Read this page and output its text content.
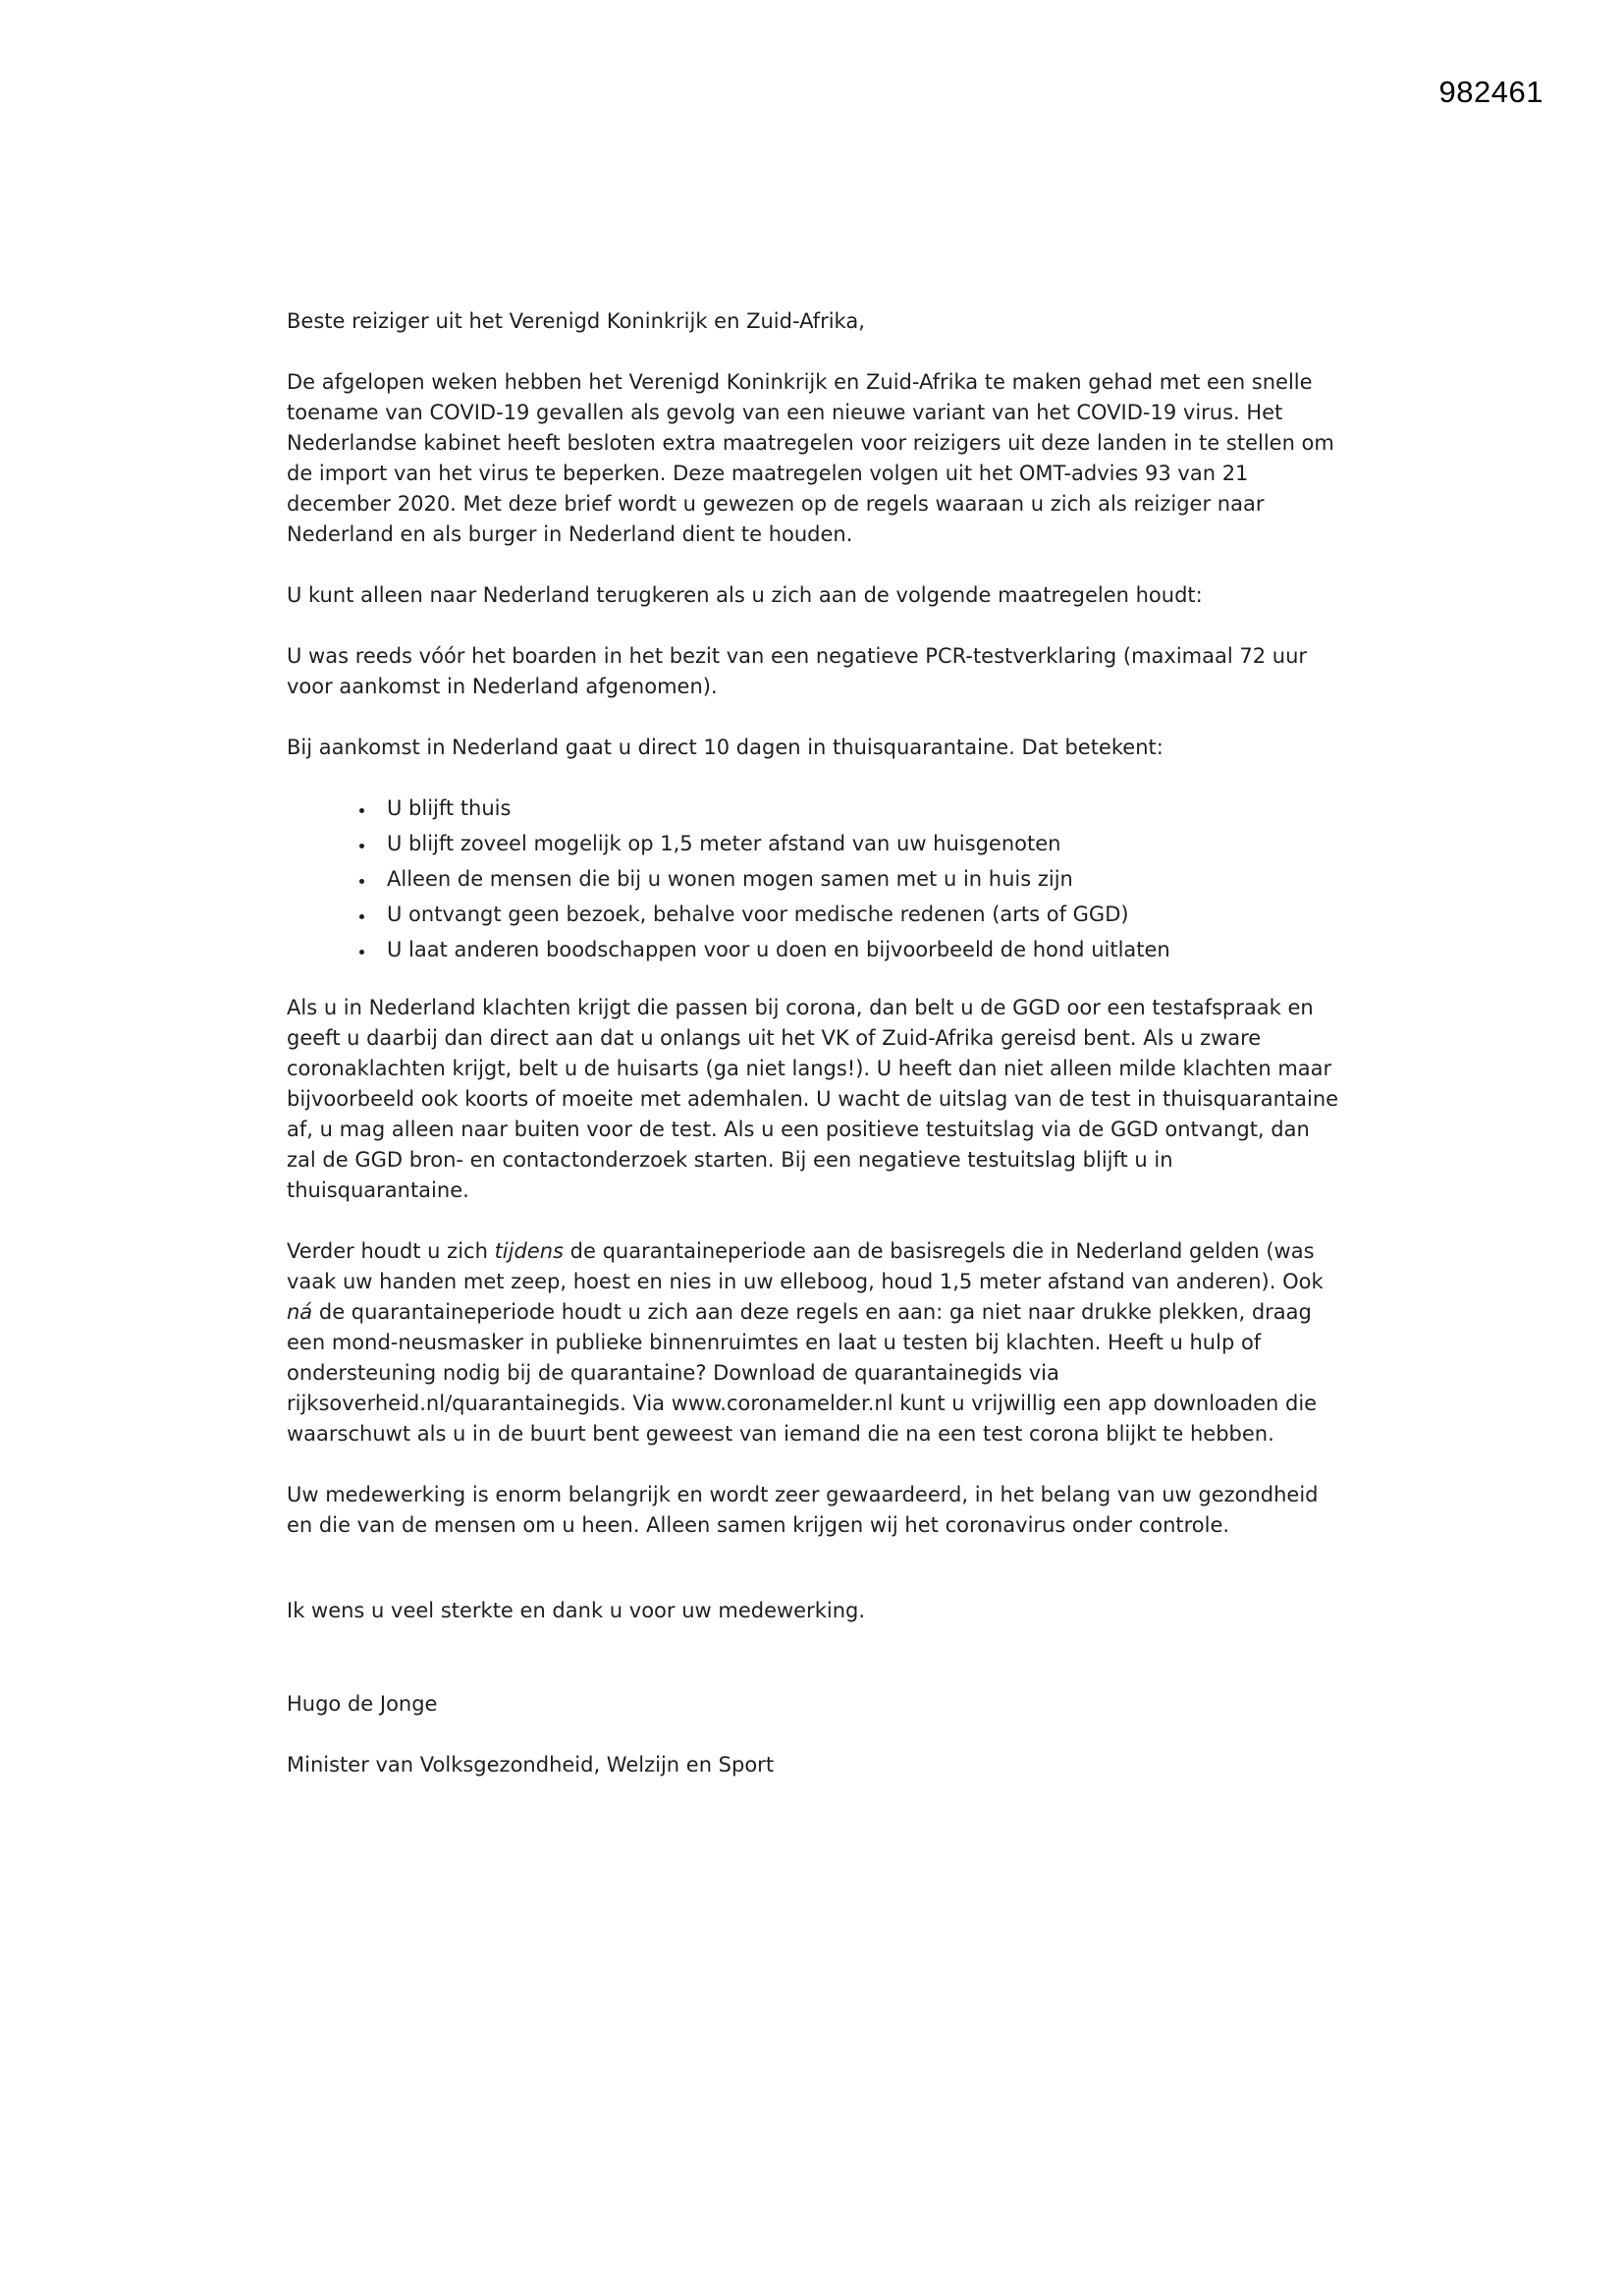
982461

Beste reiziger uit het Verenigd Koninkrijk en Zuid-Afrika,

De afgelopen weken hebben het Verenigd Koninkrijk en Zuid-Afrika te maken gehad met een snelle toename van COVID-19 gevallen als gevolg van een nieuwe variant van het COVID-19 virus. Het Nederlandse kabinet heeft besloten extra maatregelen voor reizigers uit deze landen in te stellen om de import van het virus te beperken. Deze maatregelen volgen uit het OMT-advies 93 van 21 december 2020. Met deze brief wordt u gewezen op de regels waaraan u zich als reiziger naar Nederland en als burger in Nederland dient te houden.

U kunt alleen naar Nederland terugkeren als u zich aan de volgende maatregelen houdt:

U was reeds vóór het boarden in het bezit van een negatieve PCR-testverklaring (maximaal 72 uur voor aankomst in Nederland afgenomen).

Bij aankomst in Nederland gaat u direct 10 dagen in thuisquarantaine. Dat betekent:

• U blijft thuis
• U blijft zoveel mogelijk op 1,5 meter afstand van uw huisgenoten
• Alleen de mensen die bij u wonen mogen samen met u in huis zijn
• U ontvangt geen bezoek, behalve voor medische redenen (arts of GGD)
• U laat anderen boodschappen voor u doen en bijvoorbeeld de hond uitlaten

Als u in Nederland klachten krijgt die passen bij corona, dan belt u de GGD oor een testafspraak en geeft u daarbij dan direct aan dat u onlangs uit het VK of Zuid-Afrika gereisd bent. Als u zware coronaklachten krijgt, belt u de huisarts (ga niet langs!). U heeft dan niet alleen milde klachten maar bijvoorbeeld ook koorts of moeite met ademhalen. U wacht de uitslag van de test in thuisquarantaine af, u mag alleen naar buiten voor de test. Als u een positieve testuitslag via de GGD ontvangt, dan zal de GGD bron- en contactonderzoek starten. Bij een negatieve testuitslag blijft u in thuisquarantaine.

Verder houdt u zich tijdens de quarantaineperiode aan de basisregels die in Nederland gelden (was vaak uw handen met zeep, hoest en nies in uw elleboog, houd 1,5 meter afstand van anderen). Ook ná de quarantaineperiode houdt u zich aan deze regels en aan: ga niet naar drukke plekken, draag een mond-neusmasker in publieke binnenruimtes en laat u testen bij klachten. Heeft u hulp of ondersteuning nodig bij de quarantaine? Download de quarantainegids via rijksoverheid.nl/quarantainegids. Via www.coronamelder.nl kunt u vrijwillig een app downloaden die waarschuwt als u in de buurt bent geweest van iemand die na een test corona blijkt te hebben.

Uw medewerking is enorm belangrijk en wordt zeer gewaardeerd, in het belang van uw gezondheid en die van de mensen om u heen. Alleen samen krijgen wij het coronavirus onder controle.

Ik wens u veel sterkte en dank u voor uw medewerking.

Hugo de Jonge

Minister van Volksgezondheid, Welzijn en Sport
